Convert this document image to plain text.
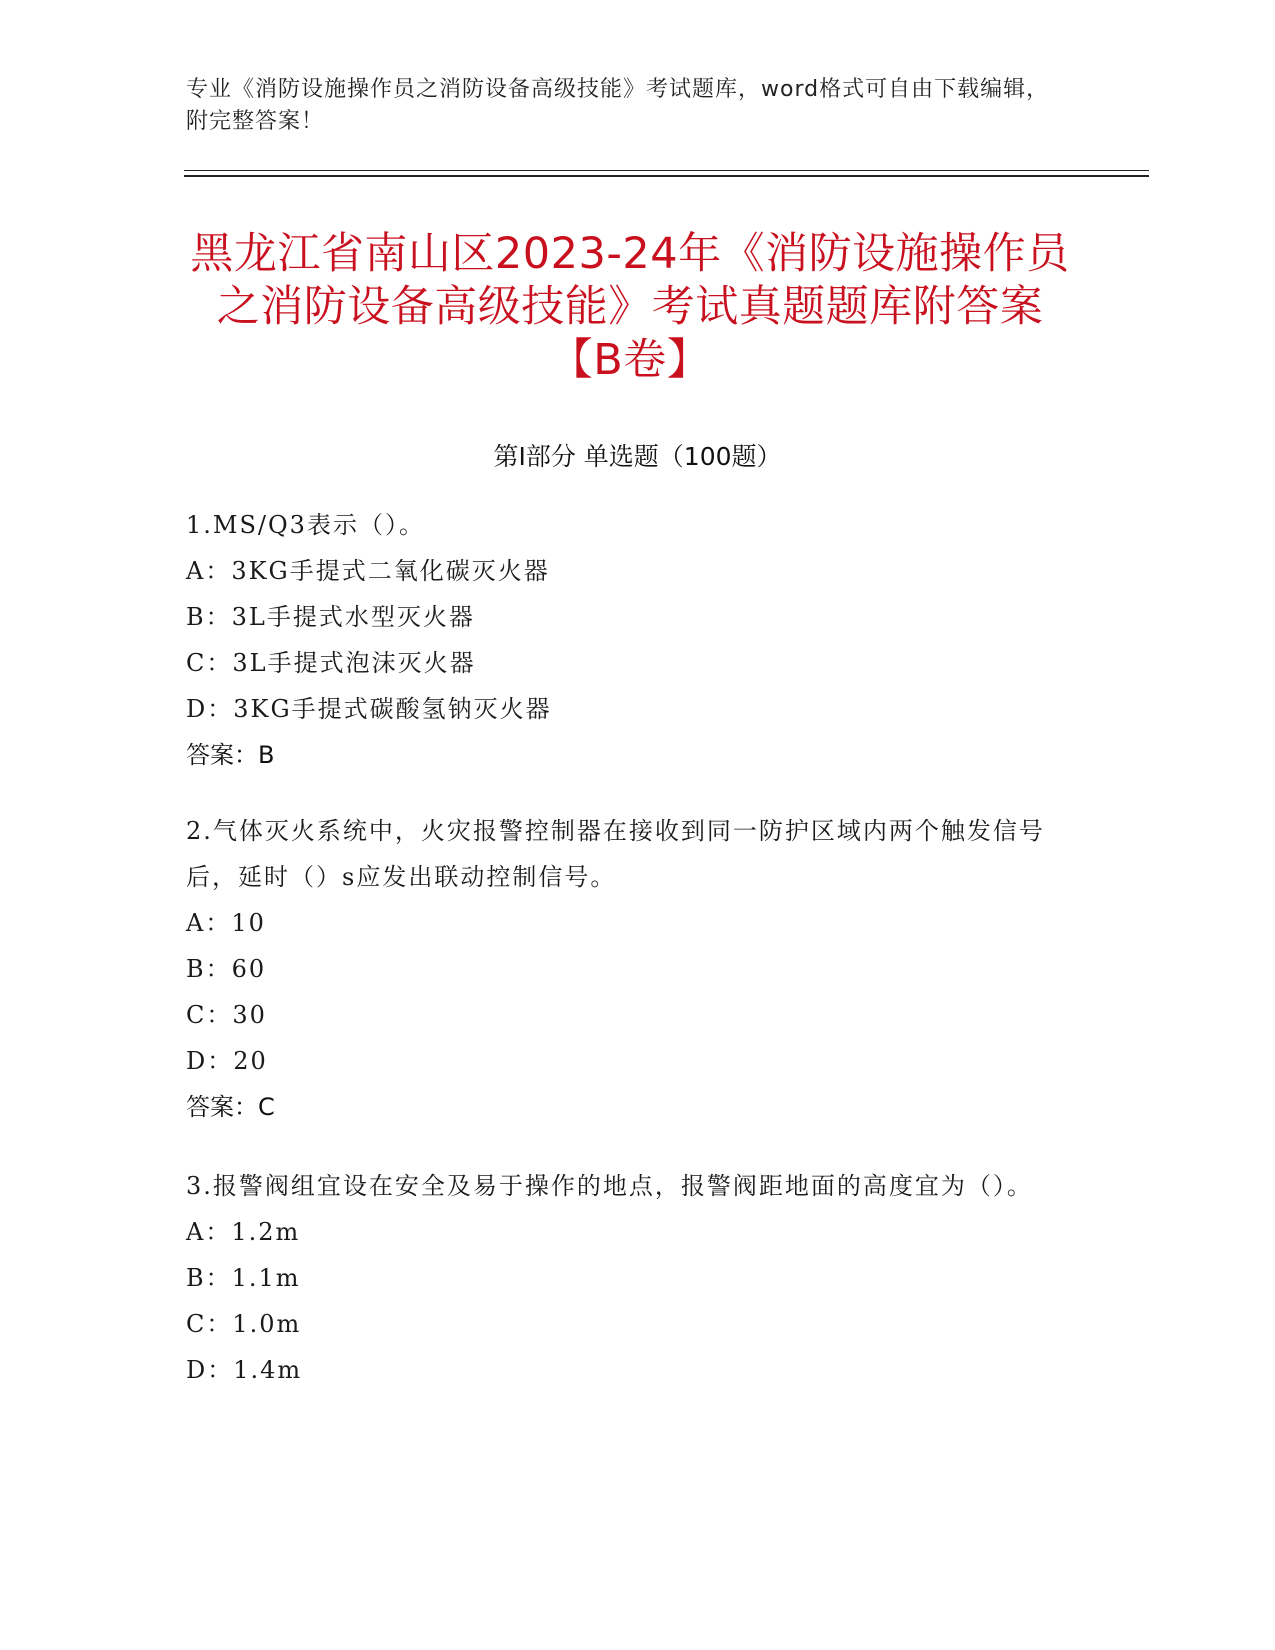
专业《消防设施操作员之消防设备高级技能》考试题库，word格式可自由下载编辑，附完整答案！
黑龙江省南山区2023-24年《消防设施操作员之消防设备高级技能》考试真题题库附答案【B卷】
第Ⅰ部分 单选题（100题）

1.MS/Q3表示（）。

A：3KG手提式二氧化碳灭火器

B：3L手提式水型灭火器

C：3L手提式泡沫灭火器

D：3KG手提式碳酸氢钠灭火器

答案：B

2.气体灭火系统中，火灾报警控制器在接收到同一防护区域内两个触发信号后，延时（）s应发出联动控制信号。

A：10

B：60

C：30

D：20

答案：C

3.报警阀组宜设在安全及易于操作的地点，报警阀距地面的高度宜为（）。

A：1.2m

B：1.1m

C：1.0m

D：1.4m
